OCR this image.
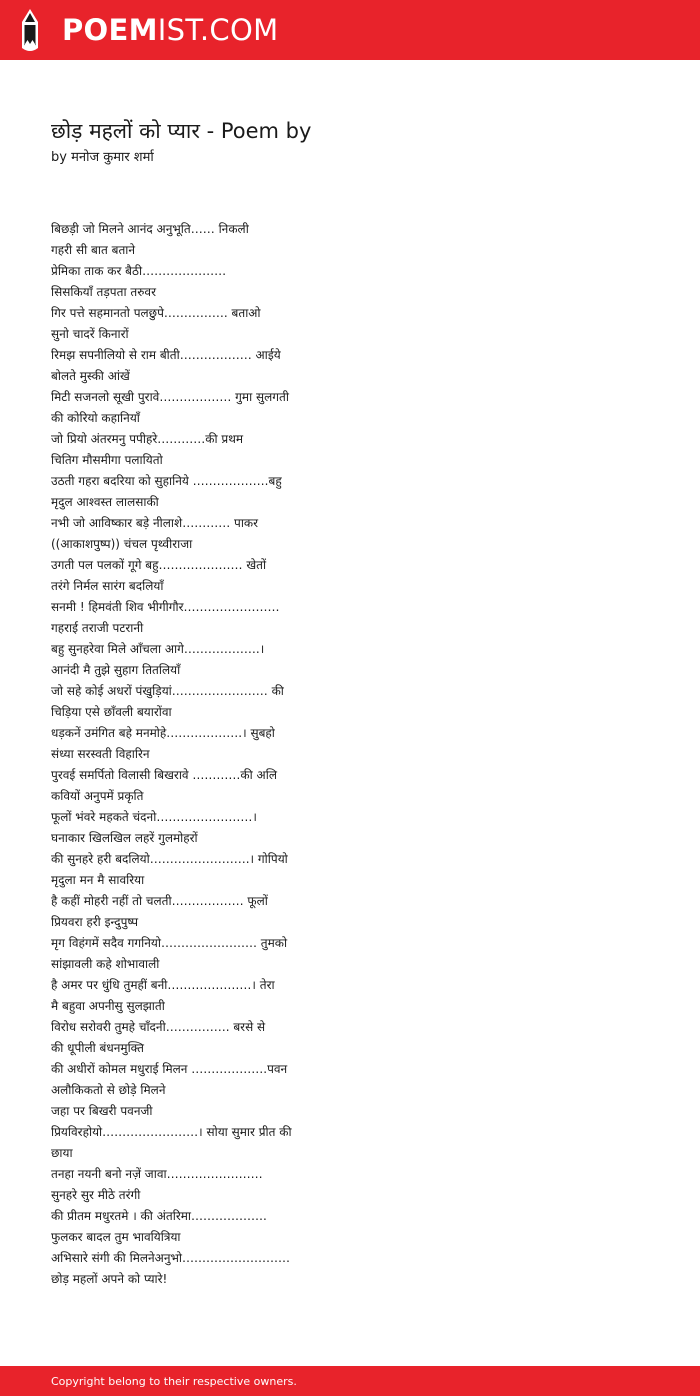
POEMIST.COM
छोड़ महलों को प्यार - Poem by
by मनोज कुमार शर्मा
बिछड़ी जो मिलने आनंद अनुभूति…… निकली
गहरी सी बात बताने
प्रेमिका ताक कर बैठी…………………
सिसकियाँ तड़पता तरुवर
गिर पत्ते सहमानतो पलछुपे……………. बताओ
सुनो चादरें किनारों
रिमझ सपनीलियो से राम बीती……………… आईये
बोलते मुस्की आंखें
मिटी सजनलो सूखी पुरावे……………… गुमा सुलगती
की कोरियो कहानियाँ
जो प्रियो अंतरमनु पपीहरे…………की प्रथम
चितिग मौसमीगा पलायितो
उठती गहरा बदरिया को सुहानिये ……………….बहु
मृदुल आश्वस्त लालसाकी
नभी जो आविष्कार बड़े नीलाशे………… पाकर
((आकाशपुष्प)) चंचल पृथ्वीराजा
उगती पल पलकों गूगे बहु………………… खेतों
तरंगे निर्मल सारंग बदलियाँ
सनमी ! हिमवंती शिव भीगीगौर……………………
गहराई तराजी पटरानी
बहु सुनहरेवा मिले आँचला आगे……………….।
आनंदी मै तुझे सुहाग तितलियाँ
जो सहे कोई अधरों पंखुड़ियां…………………… की
चिड़िया एसे छाँवली बयारोंवा
धड़कनें उमंगित बहे मनमोहे……………….। सुबहो
संध्या सरस्वती विहारिन
पुरवई समर्पितो विलासी बिखरावे …………की अलि
कवियों अनुपमें प्रकृति
फूलों भंवरे महकते चंदनो……………………।
घनाकार खिलखिल लहरें गुलमोहरों
की सुनहरे हरी बदलियो…………………….। गोपियो
मृदुला मन मै सावरिया
है कहीं मोहरी नहीं तो चलती……………… फूलों
प्रियवरा हरी इन्दुपुष्प
मृग विहंगमें सदैव गगनियो…………………… तुमको
सांझावली कहे शोभावाली
है अमर पर धुंधि तुमहीं बनी…………………। तेरा
मै बहुवा अपनीसु सुलझाती
विरोध सरोवरी तुमहे चाँदनी……………. बरसे से
की धूपीली बंधनमुक्ति
की अधीरों कोमल मधुराई मिलन ……………….पवन
अलौकिकतो से छोड़े मिलने
जहा पर बिखरी पवनजी
प्रियविरहोयो……………………। सोया सुमार प्रीत की
छाया
तनहा नयनी बनो नज़ें जावा……………………
सुनहरे सुर मीठे तरंगी
की प्रीतम मधुरतमे । की अंतरिमा……………….
फुलकर बादल तुम भावयित्रिया
अभिसारे संगी की मिलनेअनुभो………………………
छोड़ महलों अपने को प्यारे!
Copyright belong to their respective owners.
